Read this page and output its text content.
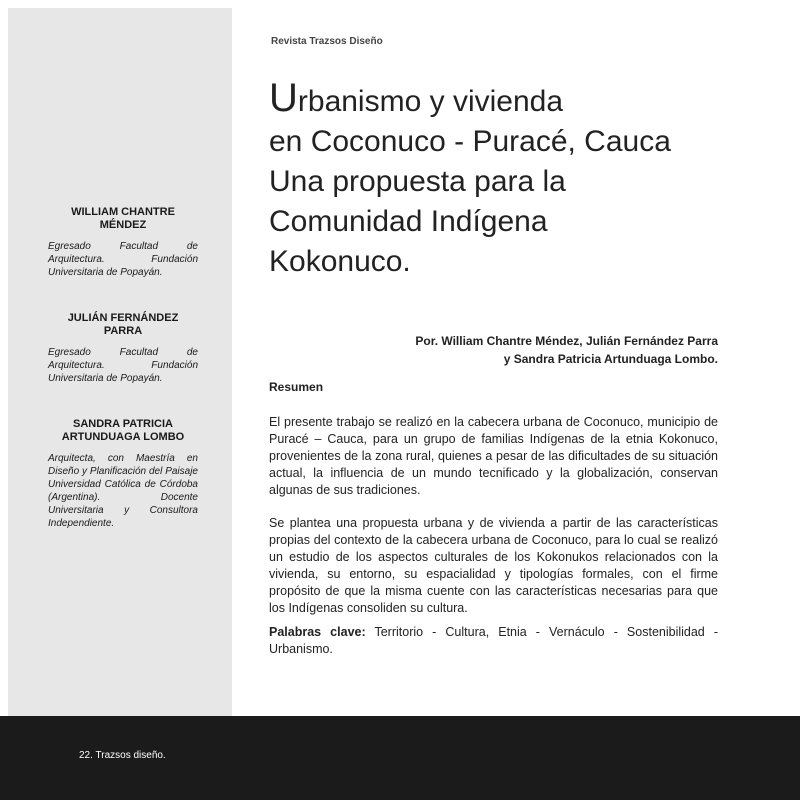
WILLIAM CHANTRE MÉNDEZ

Egresado Facultad de Arquitectura. Fundación Universitaria de Popayán.

JULIÁN FERNÁNDEZ PARRA

Egresado Facultad de Arquitectura. Fundación Universitaria de Popayán.

SANDRA PATRICIA ARTUNDUAGA LOMBO

Arquitecta, con Maestría en Diseño y Planificación del Paisaje Universidad Católica de Córdoba (Argentina). Docente Universitaria y Consultora Independiente.

Revista Trazsos Diseño
Urbanismo y vivienda
en Coconuco - Puracé, Cauca
Una propuesta para la
Comunidad Indígena
Kokonuco.
Por. William Chantre Méndez, Julián Fernández Parra
y Sandra Patricia Artunduaga Lombo.
Resumen

El presente trabajo se realizó en la cabecera urbana de Coconuco, municipio de Puracé – Cauca, para un grupo de familias Indígenas de la etnia Kokonuco, provenientes de la zona rural, quienes a pesar de las dificultades de su situación actual, la influencia de un mundo tecnificado y la globalización, conservan algunas de sus tradiciones.

Se plantea una propuesta urbana y de vivienda a partir de las características propias del contexto de la cabecera urbana de Coconuco, para lo cual se realizó un estudio de los aspectos culturales de los Kokonukos relacionados con la vivienda, su entorno, su espacialidad y tipologías formales, con el firme propósito de que la misma cuente con las características necesarias para que los Indígenas consoliden su cultura.

Palabras clave: Territorio - Cultura, Etnia - Vernáculo - Sostenibilidad - Urbanismo.

22. Trazsos diseño.
